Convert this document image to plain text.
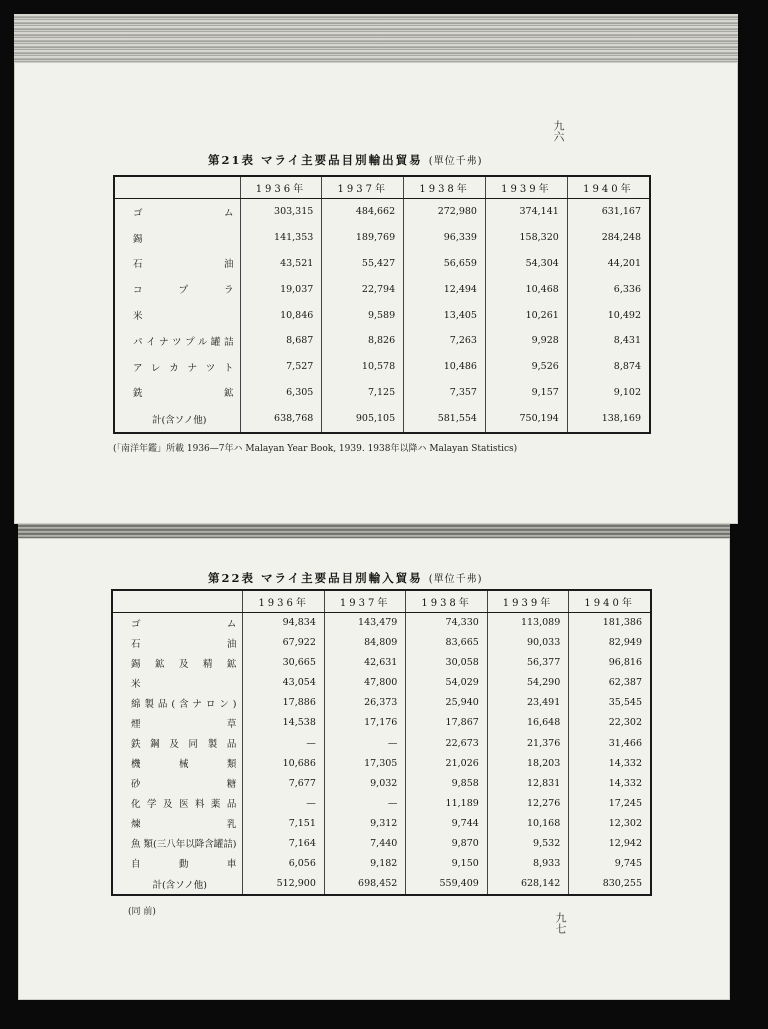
九六
九七
第21表 マライ主要品目別輸出貿易 (單位千弗)
	1936年	1937年	1938年	1939年	1940年
ゴ ム	303,315	484,662	272,980	374,141	631,167
錫	141,353	189,769	96,339	158,320	284,248
石 油	43,521	55,427	56,659	54,304	44,201
コ プ ラ	19,037	22,794	12,494	10,468	6,336
米	10,846	9,589	13,405	10,261	10,492
パイナツプル罐詰	8,687	8,826	7,263	9,928	8,431
アレカナツト	7,527	10,578	10,486	9,526	8,874
銑 鉱	6,305	7,125	7,357	9,157	9,102
計(含ソノ他)	638,768	905,105	581,554	750,194	138,169
(「南洋年鑑」所載 1936—7年ハ Malayan Year Book, 1939. 1938年以降ハ Malayan Statistics)
第22表 マライ主要品目別輸入貿易 (單位千弗)
	1936年	1937年	1938年	1939年	1940年
ゴ ム	94,834	143,479	74,330	113,089	181,386
石 油	67,922	84,809	83,665	90,033	82,949
錫鉱及精鉱	30,665	42,631	30,058	56,377	96,816
米	43,054	47,800	54,029	54,290	62,387
綿製品(含ナロン)	17,886	26,373	25,940	23,491	35,545
煙 草	14,538	17,176	17,867	16,648	22,302
鉄鋼及同製品	—	—	22,673	21,376	31,466
機 械 類	10,686	17,305	21,026	18,203	14,332
砂 糖	7,677	9,032	9,858	12,831	14,332
化学及医料薬品	—	—	11,189	12,276	17,245
煉 乳	7,151	9,312	9,744	10,168	12,302
魚 類(三八年以降含罐詰)	7,164	7,440	9,870	9,532	12,942
自 動 車	6,056	9,182	9,150	8,933	9,745
計(含ソノ他)	512,900	698,452	559,409	628,142	830,255
(同 前)
